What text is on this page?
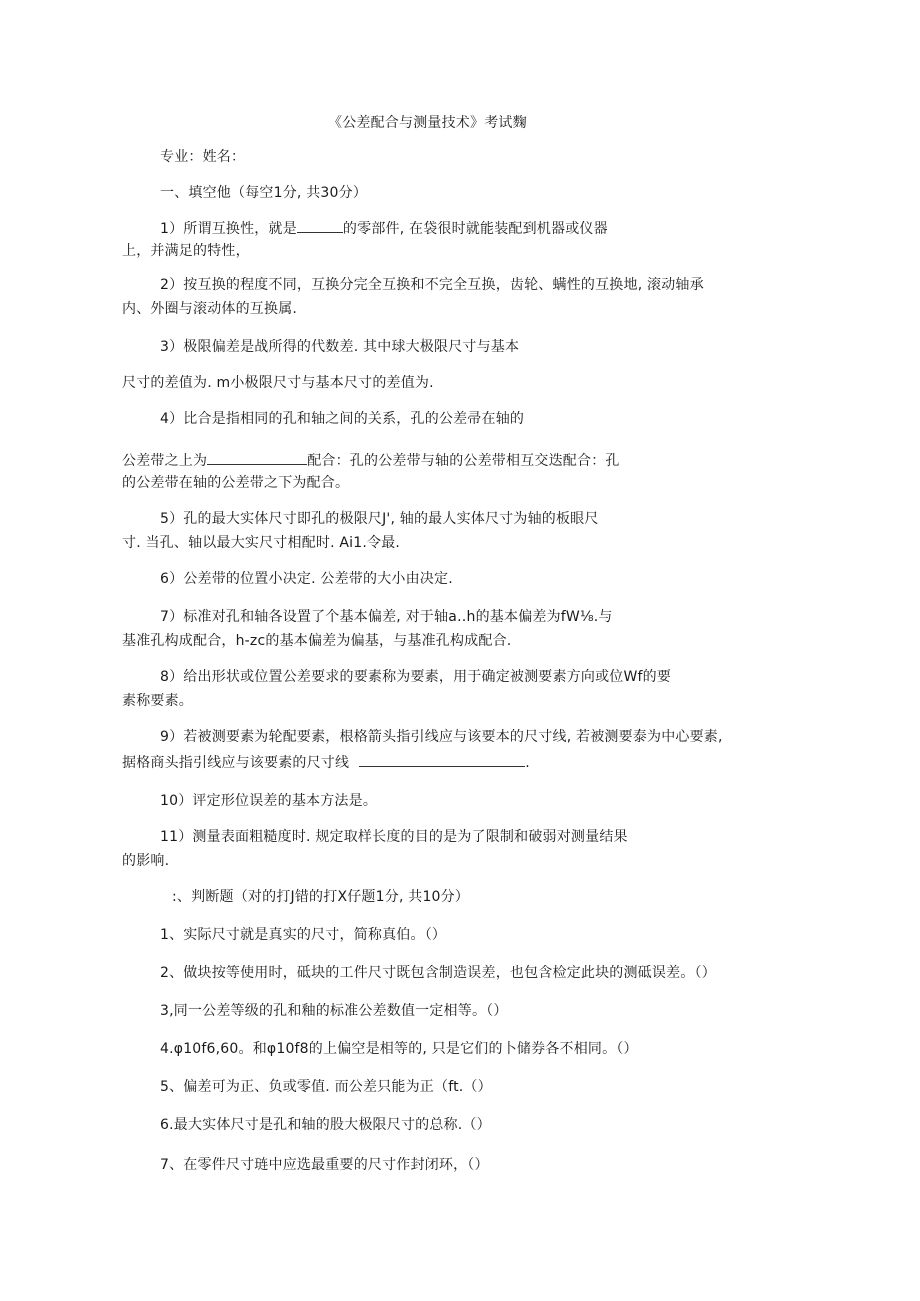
《公差配合与测量技术》考试麴
专业：姓名：
一、填空他（每空1分, 共30分）
1）所谓互换性，就是	的零部件, 在袋很时就能装配到机器或仪器
上，并满足的特性，
2）按互换的程度不同，互换分完全互换和不完全互换，齿轮、螨性的互换地, 滚动轴承
内、外圈与滚动体的互换属.
3）极限偏差是战所得的代数差. 其中球大极限尺寸与基本
尺寸的差值为. m小极限尺寸与基本尺寸的差值为.
4）比合是指相同的孔和轴之间的关系，孔的公差帚在轴的
公差带之上为	配合：孔的公差带与轴的公差带相互交迭配合：孔
的公差带在轴的公差带之下为配合。
5）孔的最大实体尺寸即孔的极限尺J', 轴的最人实体尺寸为轴的板眼尺
寸. 当孔、轴以最大实尺寸相配时. Ai1.令最.
6）公差带的位置小决定. 公差带的大小由决定.
7）标准对孔和轴各设置了个基本偏差, 对于轴a‥h的基本偏差为fW⅛.与
基准孔构成配合，h-zc的基本偏差为偏基，与基准孔构成配合.
8）给出形状或位置公差要求的要素称为要素，用于确定被测要素方向或位Wf的要
素称要素。
9）若被测要素为轮配要素，根格箭头指引线应与该要本的尺寸线, 若被测要泰为中心要素,
据格商头指引线应与该要素的尺寸线	.
10）评定形位误差的基本方法是。
11）测量表面粗糙度时. 规定取样长度的目的是为了限制和破弱对测量结果
的影响.
:、判断题（对的打J错的打X仔题1分, 共10分）
1、实际尺寸就是真实的尺寸，简称真伯。（）
2、做块按等使用时，砥块的工件尺寸既包含制造误差，也包含检定此块的测砥误差。（）
3,同一公差等级的孔和釉的标准公差数值一定相等。（）
4.φ10f6,60。和φ10f8的上偏空是相等的, 只是它们的卜储券各不相同。（）
5、偏差可为正、负或零值. 而公差只能为正（ft.（）
6.最大实体尺寸是孔和轴的股大极限尺寸的总称.（）
7、在零件尺寸琏中应选最重要的尺寸作封闭环，（）
